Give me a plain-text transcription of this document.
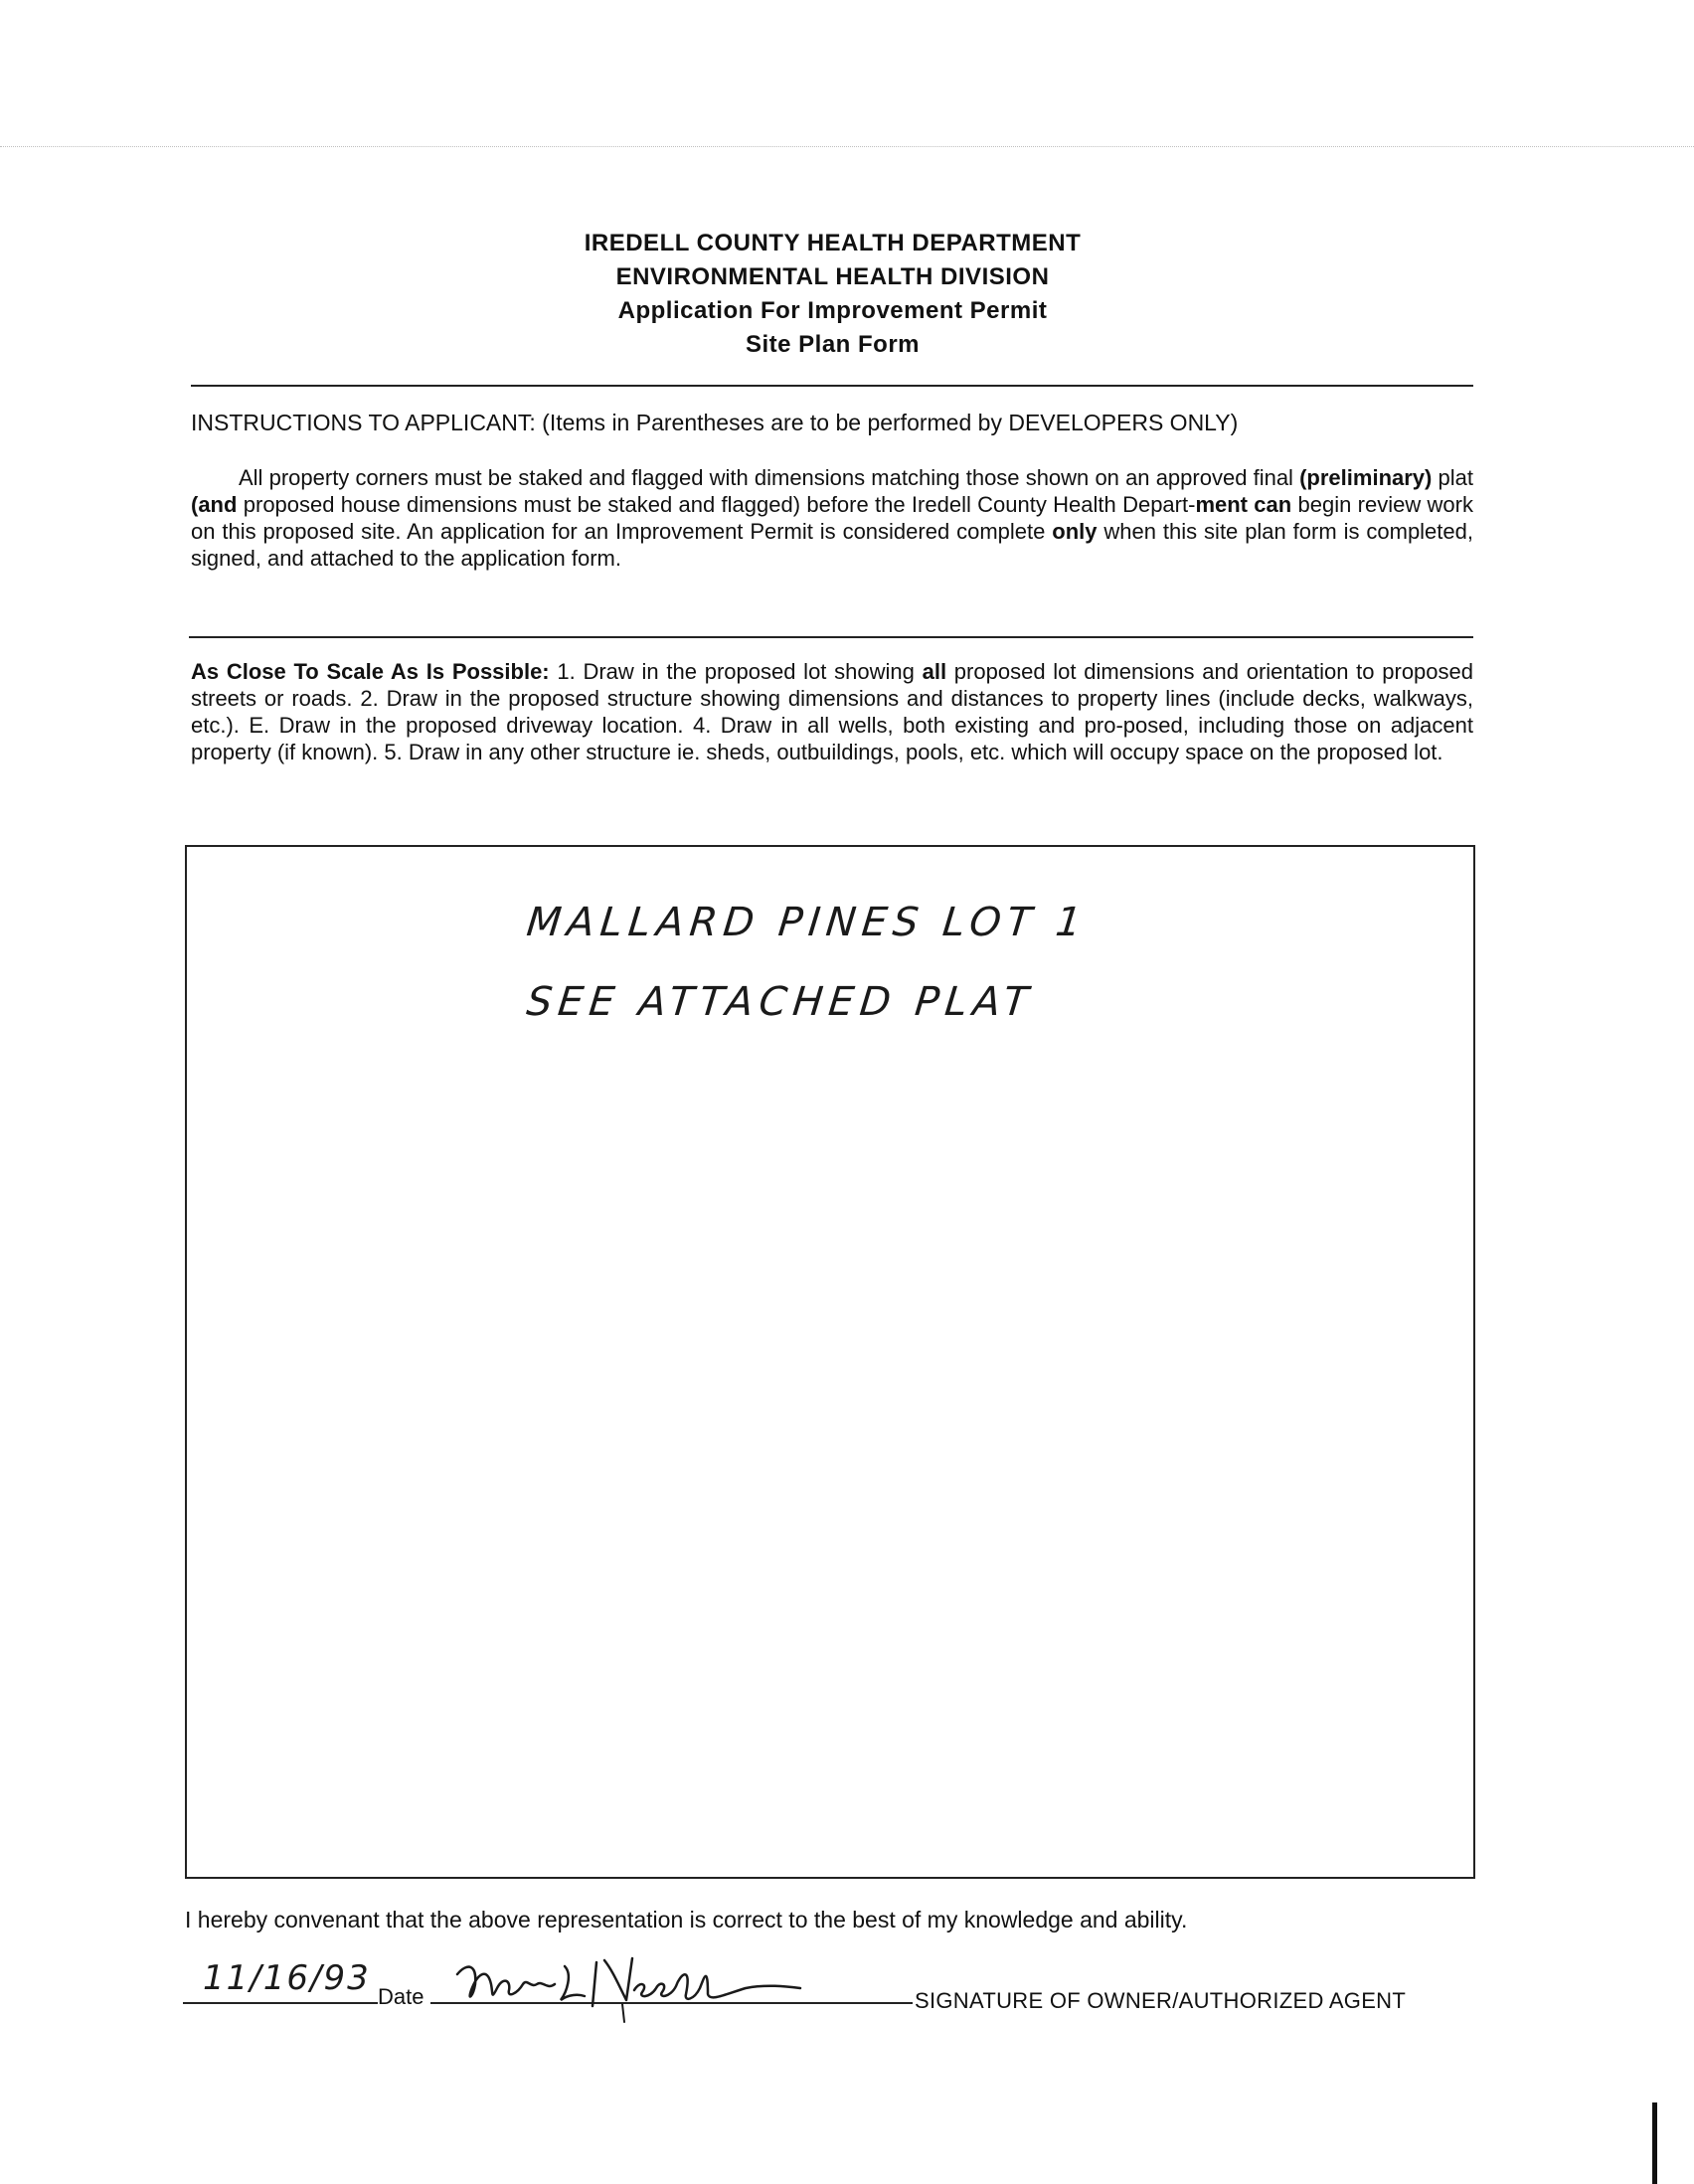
IREDELL COUNTY HEALTH DEPARTMENT
ENVIRONMENTAL HEALTH DIVISION
Application For Improvement Permit
Site Plan Form
INSTRUCTIONS TO APPLICANT: (Items in Parentheses are to be performed by DEVELOPERS ONLY)
All property corners must be staked and flagged with dimensions matching those shown on an approved final (preliminary) plat (and proposed house dimensions must be staked and flagged) before the Iredell County Health Depart-ment can begin review work on this proposed site. An application for an Improvement Permit is considered complete only when this site plan form is completed, signed, and attached to the application form.
As Close To Scale As Is Possible: 1. Draw in the proposed lot showing all proposed lot dimensions and orientation to proposed streets or roads. 2. Draw in the proposed structure showing dimensions and distances to property lines (include decks, walkways, etc.). E. Draw in the proposed driveway location. 4. Draw in all wells, both existing and pro-posed, including those on adjacent property (if known). 5. Draw in any other structure ie. sheds, outbuildings, pools, etc. which will occupy space on the proposed lot.
MALLARD PINES LOT 1
SEE ATTACHED PLAT
I hereby convenant that the above representation is correct to the best of my knowledge and ability.
11/16/93 Date	SIGNATURE OF OWNER/AUTHORIZED AGENT
